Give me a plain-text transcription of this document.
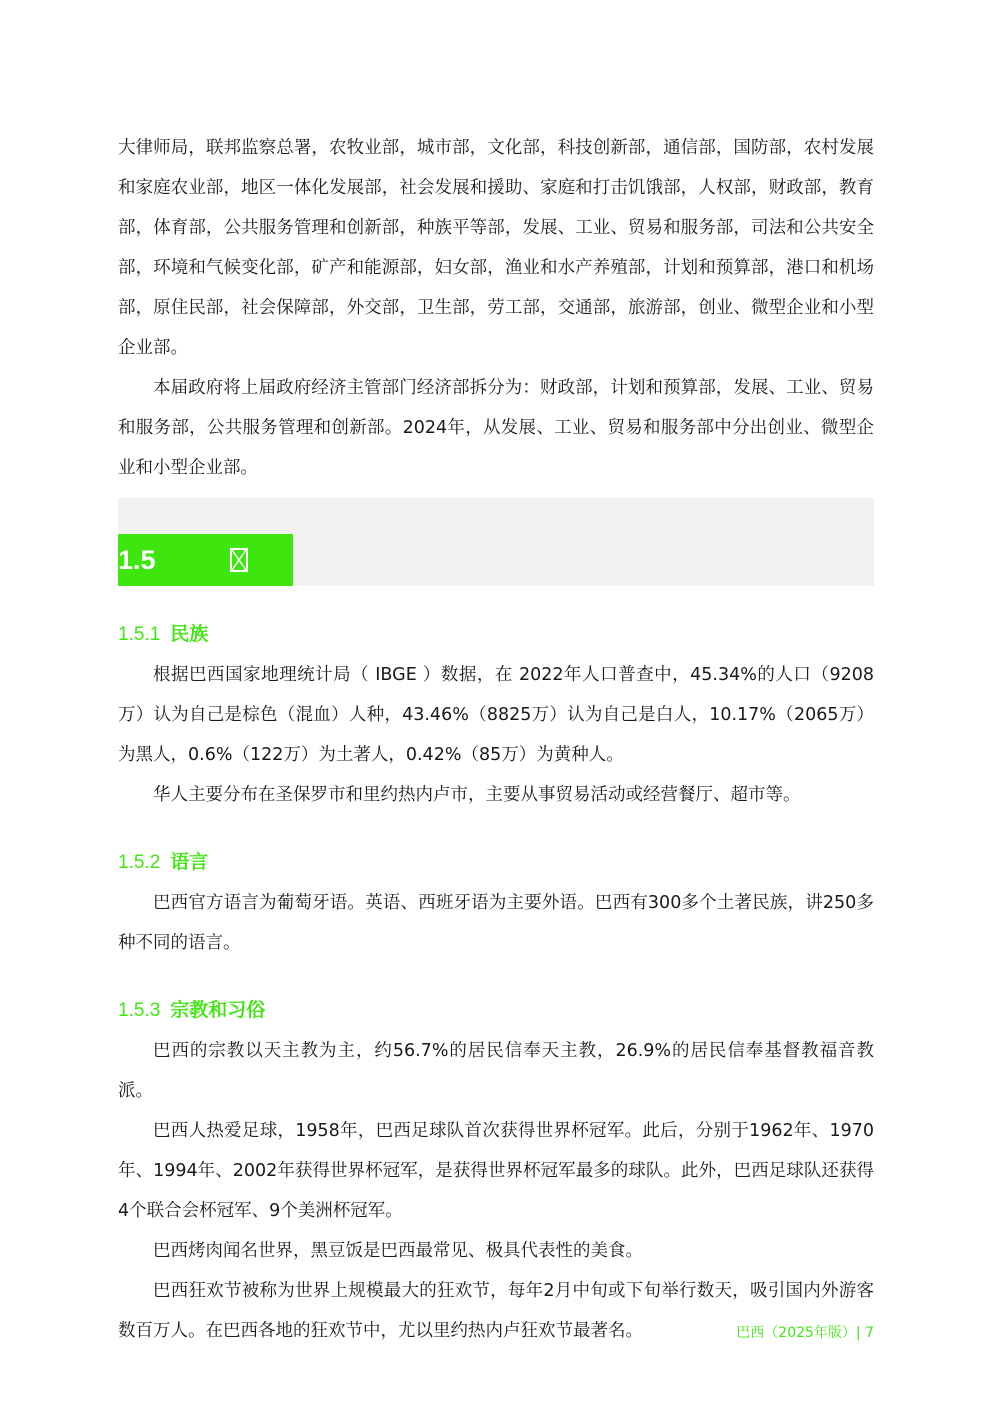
大律师局，联邦监察总署，农牧业部，城市部，文化部，科技创新部，通信部，国防部，农村发展和家庭农业部，地区一体化发展部，社会发展和援助、家庭和打击饥饿部，人权部，财政部，教育部，体育部，公共服务管理和创新部，种族平等部，发展、工业、贸易和服务部，司法和公共安全部，环境和气候变化部，矿产和能源部，妇女部，渔业和水产养殖部，计划和预算部，港口和机场部，原住民部，社会保障部，外交部，卫生部，劳工部，交通部，旅游部，创业、微型企业和小型企业部。

本届政府将上届政府经济主管部门经济部拆分为：财政部，计划和预算部，发展、工业、贸易和服务部，公共服务管理和创新部。2024年，从发展、工业、贸易和服务部中分出创业、微型企业和小型企业部。

1.5
1.5.1 民族

根据巴西国家地理统计局（ IBGE ）数据，在 2022年人口普查中，45.34%的人口（9208万）认为自己是棕色（混血）人种，43.46%（8825万）认为自己是白人，10.17%（2065万）为黑人，0.6%（122万）为土著人，0.42%（85万）为黄种人。

华人主要分布在圣保罗市和里约热内卢市，主要从事贸易活动或经营餐厅、超市等。

1.5.2 语言

巴西官方语言为葡萄牙语。英语、西班牙语为主要外语。巴西有300多个土著民族，讲250多种不同的语言。

1.5.3 宗教和习俗

巴西的宗教以天主教为主，约56.7%的居民信奉天主教，26.9%的居民信奉基督教福音教派。

巴西人热爱足球，1958年，巴西足球队首次获得世界杯冠军。此后，分别于1962年、1970年、1994年、2002年获得世界杯冠军，是获得世界杯冠军最多的球队。此外，巴西足球队还获得4个联合会杯冠军、9个美洲杯冠军。

巴西烤肉闻名世界，黑豆饭是巴西最常见、极具代表性的美食。

巴西狂欢节被称为世界上规模最大的狂欢节，每年2月中旬或下旬举行数天，吸引国内外游客数百万人。在巴西各地的狂欢节中，尤以里约热内卢狂欢节最著名。	巴西（2025年版）| 7
